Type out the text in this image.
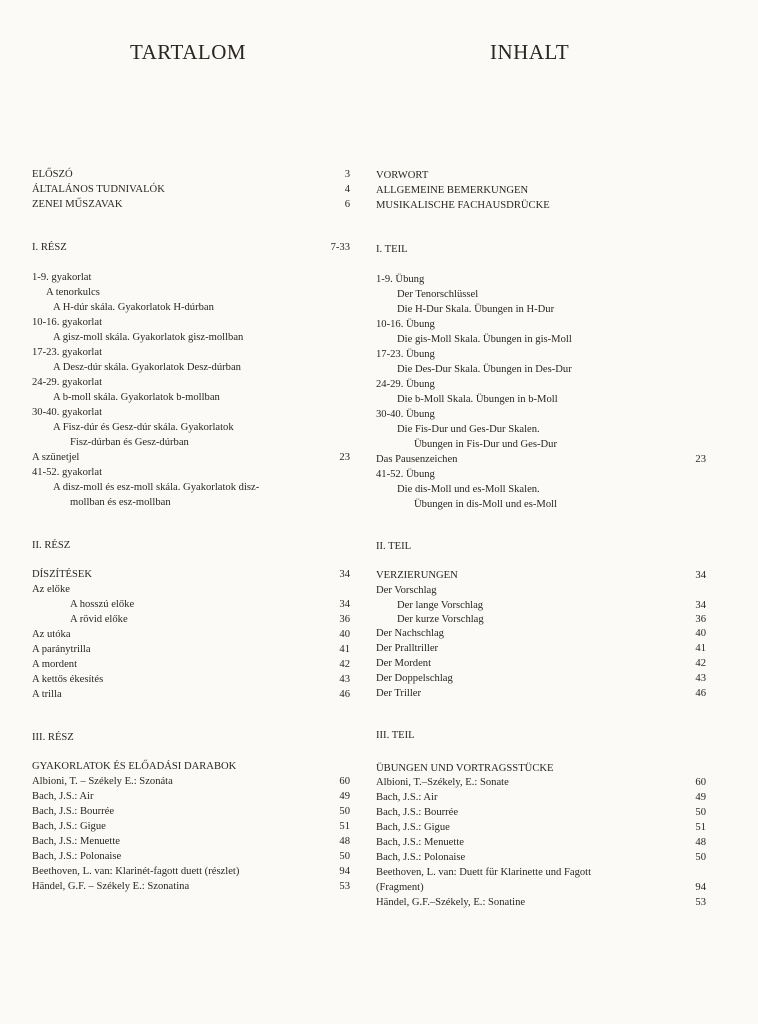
TARTALOM
ELŐSZÓ	3
ÁLTALÁNOS TUDNIVALÓK	4
ZENEI MŰSZAVAK	6
I. RÉSZ	7-33
1-9. gyakorlat
A tenorkulcs
A H-dúr skála. Gyakorlatok H-dúrban
10-16. gyakorlat
A gisz-moll skála. Gyakorlatok gisz-mollban
17-23. gyakorlat
A Desz-dúr skála. Gyakorlatok Desz-dúrban
24-29. gyakorlat
A b-moll skála. Gyakorlatok b-mollban
30-40. gyakorlat
A Fisz-dúr és Gesz-dúr skála. Gyakorlatok
Fisz-dúrban és Gesz-dúrban
A szünetjel	23
41-52. gyakorlat
A disz-moll és esz-moll skála. Gyakorlatok disz-
mollban és esz-mollban
II. RÉSZ
DÍSZÍTÉSEK	34
Az előke
A hosszú előke	34
A rövid előke	36
Az utóka	40
A paránytrilla	41
A mordent	42
A kettős ékesítés	43
A trilla	46
III. RÉSZ
GYAKORLATOK ÉS ELŐADÁSI DARABOK
Albioni, T. – Székely E.: Szonáta	60
Bach, J.S.: Air	49
Bach, J.S.: Bourrée	50
Bach, J.S.: Gigue	51
Bach, J.S.: Menuette	48
Bach, J.S.: Polonaise	50
Beethoven, L. van: Klarinét-fagott duett (részlet)	94
Händel, G.F. – Székely E.: Szonatina	53
INHALT
VORWORT
ALLGEMEINE BEMERKUNGEN
MUSIKALISCHE FACHAUSDRÜCKE
I. TEIL
1-9. Übung
Der Tenorschlüssel
Die H-Dur Skala. Übungen in H-Dur
10-16. Übung
Die gis-Moll Skala. Übungen in gis-Moll
17-23. Übung
Die Des-Dur Skala. Übungen in Des-Dur
24-29. Übung
Die b-Moll Skala. Übungen in b-Moll
30-40. Übung
Die Fis-Dur und Ges-Dur Skalen.
Übungen in Fis-Dur und Ges-Dur
Das Pausenzeichen	23
41-52. Übung
Die dis-Moll und es-Moll Skalen.
Übungen in dis-Moll und es-Moll
II. TEIL
VERZIERUNGEN	34
Der Vorschlag
Der lange Vorschlag	34
Der kurze Vorschlag	36
Der Nachschlag	40
Der Pralltriller	41
Der Mordent	42
Der Doppelschlag	43
Der Triller	46
III. TEIL
ÜBUNGEN UND VORTRAGSSTÜCKE
Albioni, T.–Székely, E.: Sonate	60
Bach, J.S.: Air	49
Bach, J.S.: Bourrée	50
Bach, J.S.: Gigue	51
Bach, J.S.: Menuette	48
Bach, J.S.: Polonaise	50
Beethoven, L. van: Duett für Klarinette und Fagott
(Fragment)	94
Händel, G.F.–Székely, E.: Sonatine	53
